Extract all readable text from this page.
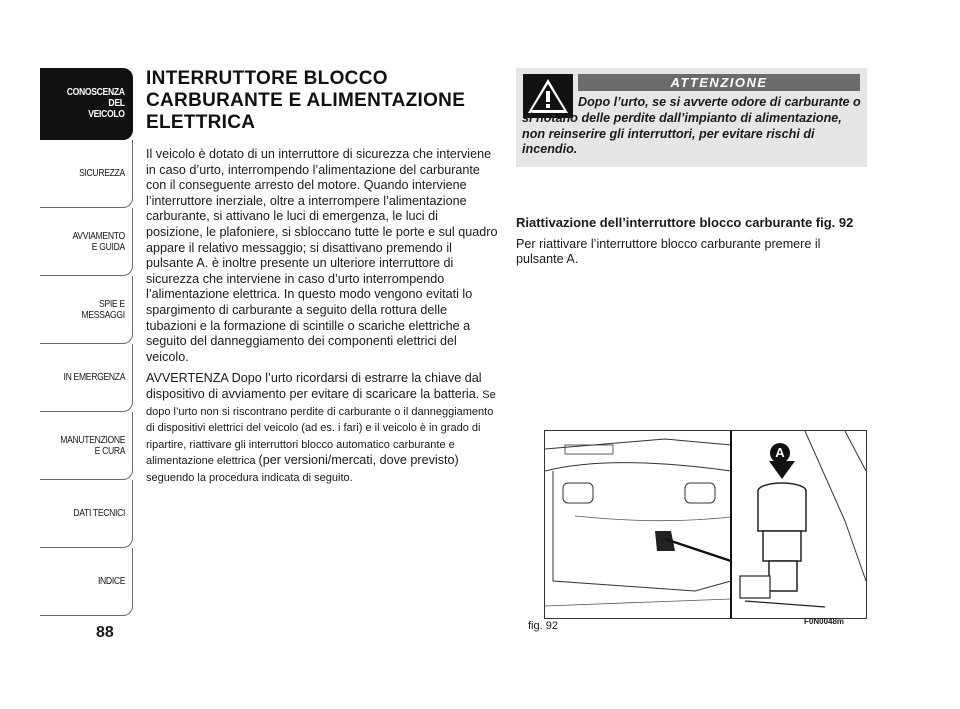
CONOSCENZA
DEL
VEICOLO
SICUREZZA
AVVIAMENTO
E GUIDA
SPIE E
MESSAGGI
IN EMERGENZA
MANUTENZIONE
E CURA
DATI TECNICI
INDICE
88
INTERRUTTORE BLOCCO CARBURANTE E ALIMENTAZIONE ELETTRICA

Il veicolo è dotato di un interruttore di sicurezza che interviene in caso d’urto, interrompendo l’alimentazione del carburante con il conseguente arresto del motore. Quando interviene l’interruttore inerziale, oltre a interrompere l’alimentazione carburante, si attivano le luci di emergenza, le luci di posizione, le plafoniere, si sbloccano tutte le porte e sul quadro appare il relativo messaggio; si disattivano premendo il pulsante A. è inoltre presente un ulteriore interruttore di sicurezza che interviene in caso d’urto interrompendo l’alimentazione elettrica. In questo modo vengono evitati lo spargimento di carburante a seguito della rottura delle tubazioni e la formazione di scintille o scariche elettriche a seguito del danneggiamento dei componenti elettrici del veicolo.

AVVERTENZA Dopo l’urto ricordarsi di estrarre la chiave dal dispositivo di avviamento per evitare di scaricare la batteria. Se dopo l’urto non si riscontrano perdite di carburante o il danneggiamento di dispositivi elettrici del veicolo (ad es. i fari) e il veicolo è in grado di ripartire, riattivare gli interruttori blocco automatico carburante e alimentazione elettrica (per versioni/mercati, dove previsto) seguendo la procedura indicata di seguito.

ATTENZIONE
Dopo l’urto, se si avverte odore di carburante o si notano delle perdite dall’impianto di alimentazione, non reinserire gli interruttori, per evitare rischi di incendio.
Riattivazione dell’interruttore blocco carburante fig. 92

Per riattivare l’interruttore blocco carburante premere il pulsante A.

A
fig. 92	F0N0048m
